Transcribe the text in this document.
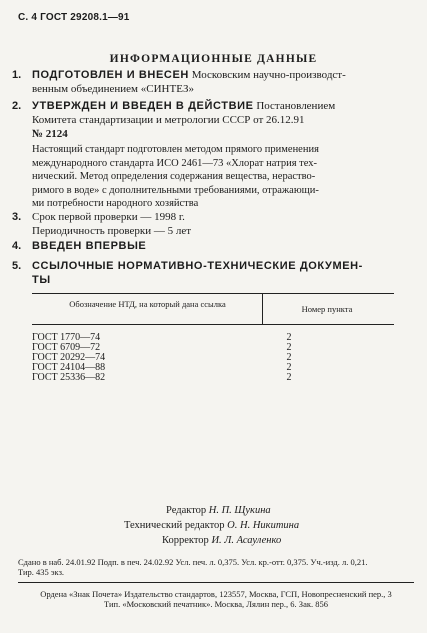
С. 4 ГОСТ 29208.1—91
ИНФОРМАЦИОННЫЕ ДАННЫЕ
1. ПОДГОТОВЛЕН И ВНЕСЕН Московским научно-производст-

венным объединением «СИНТЕЗ»

2. УТВЕРЖДЕН И ВВЕДЕН В ДЕЙСТВИЕ Постановлением

Комитета стандартизации и метрологии СССР от 26.12.91

№ 2124

Настоящий стандарт подготовлен методом прямого применения

международного стандарта ИСО 2461—73 «Хлорат натрия тех-

нический. Метод определения содержания вещества, нераство-

римого в воде» с дополнительными требованиями, отражающи-

ми потребности народного хозяйства

3. Срок первой проверки — 1998 г.

Периодичность проверки — 5 лет

4. ВВЕДЕН ВПЕРВЫЕ

5. ССЫЛОЧНЫЕ НОРМАТИВНО-ТЕХНИЧЕСКИЕ ДОКУМЕН-

ТЫ

Обозначение НТД, на который дана ссылка	Номер пункта
ГОСТ 1770—74
ГОСТ 6709—72
ГОСТ 20292—74
ГОСТ 24104—88
ГОСТ 25336—82
2
2
2
2
2
Редактор Н. П. Щукина
Технический редактор О. Н. Никитина
Корректор И. Л. Асауленко
Сдано в наб. 24.01.92 Подп. в печ. 24.02.92 Усл. печ. л. 0,375. Усл. кр.-отт. 0,375. Уч.-изд. л. 0,21.
Тир. 435 экз.
Ордена «Знак Почета» Издательство стандартов, 123557, Москва, ГСП, Новопресненский пер., 3
Тип. «Московский печатник». Москва, Лялин пер., 6. Зак. 856
